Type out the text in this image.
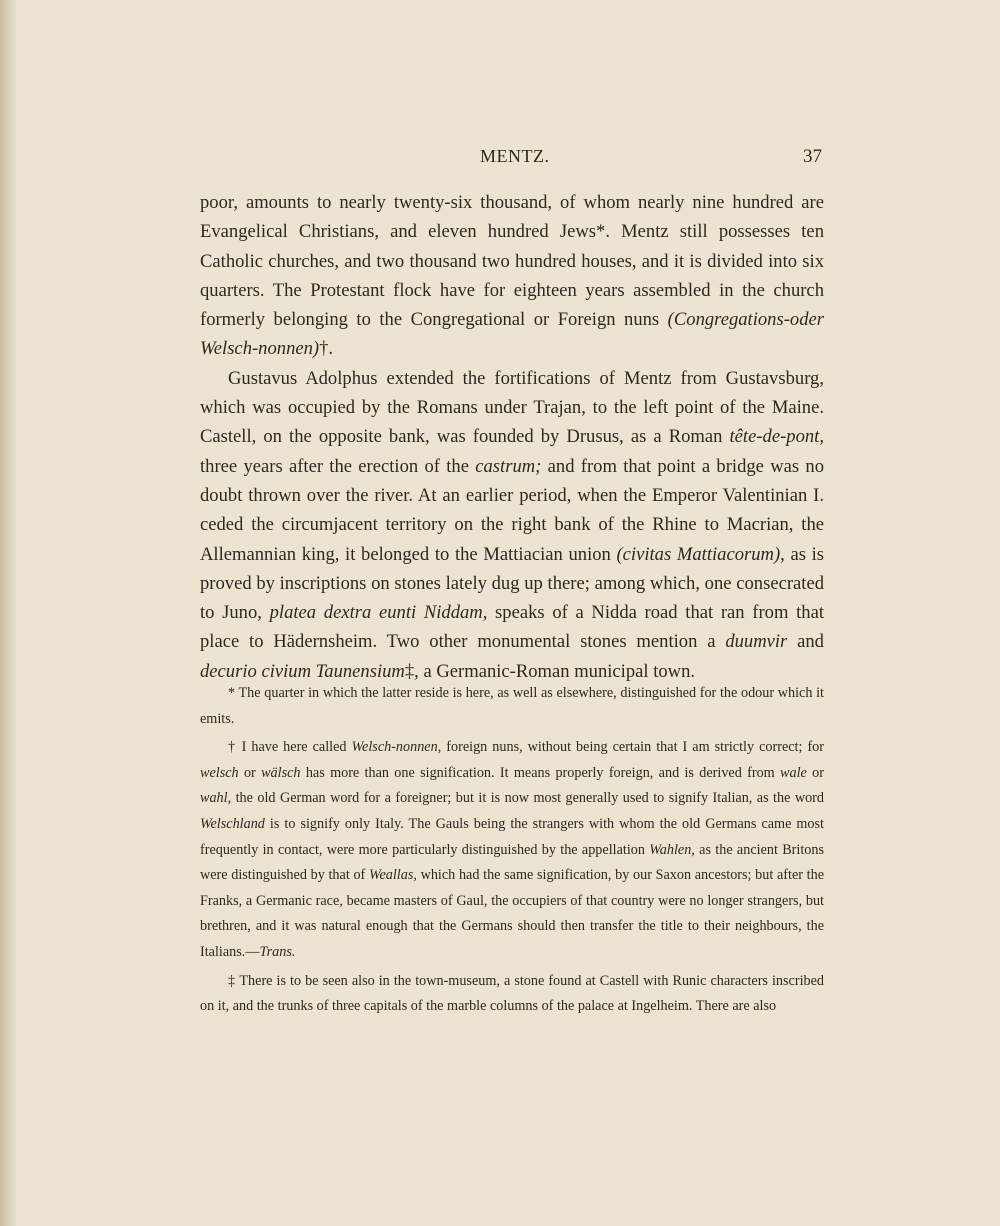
MENTZ.	37

poor, amounts to nearly twenty-six thousand, of whom nearly nine hundred are Evangelical Christians, and eleven hundred Jews*. Mentz still possesses ten Catholic churches, and two thousand two hundred houses, and it is divided into six quarters. The Protestant flock have for eighteen years assembled in the church formerly belonging to the Congregational or Foreign nuns (Congregations-oder Welsch-nonnen)†.

Gustavus Adolphus extended the fortifications of Mentz from Gustavsburg, which was occupied by the Romans under Trajan, to the left point of the Maine. Castell, on the opposite bank, was founded by Drusus, as a Roman tête-de-pont, three years after the erection of the castrum; and from that point a bridge was no doubt thrown over the river. At an earlier period, when the Emperor Valentinian I. ceded the circumjacent territory on the right bank of the Rhine to Macrian, the Allemannian king, it belonged to the Mattiacian union (civitas Mattiacorum), as is proved by inscriptions on stones lately dug up there; among which, one consecrated to Juno, platea dextra eunti Niddam, speaks of a Nidda road that ran from that place to Hädernsheim. Two other monumental stones mention a duumvir and decurio civium Taunensium‡, a Germanic-Roman municipal town.

* The quarter in which the latter reside is here, as well as elsewhere, distinguished for the odour which it emits.

† I have here called Welsch-nonnen, foreign nuns, without being certain that I am strictly correct; for welsch or wälsch has more than one signification. It means properly foreign, and is derived from wale or wahl, the old German word for a foreigner; but it is now most generally used to signify Italian, as the word Welschland is to signify only Italy. The Gauls being the strangers with whom the old Germans came most frequently in contact, were more particularly distinguished by the appellation Wahlen, as the ancient Britons were distinguished by that of Weallas, which had the same signification, by our Saxon ancestors; but after the Franks, a Germanic race, became masters of Gaul, the occupiers of that country were no longer strangers, but brethren, and it was natural enough that the Germans should then transfer the title to their neighbours, the Italians.—Trans.

‡ There is to be seen also in the town-museum, a stone found at Castell with Runic characters inscribed on it, and the trunks of three capitals of the marble columns of the palace at Ingelheim. There are also
